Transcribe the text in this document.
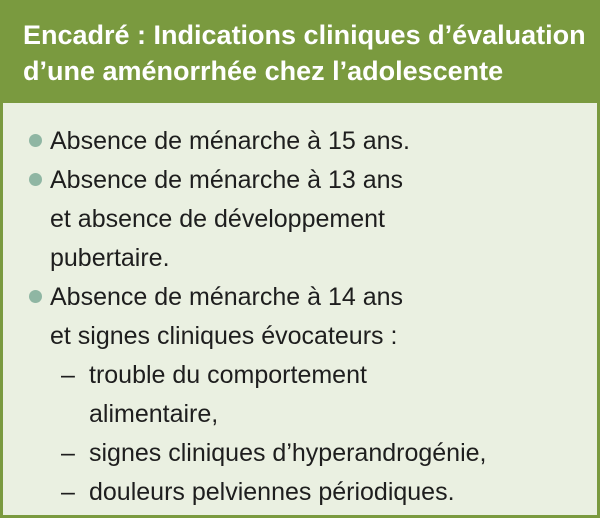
Encadré : Indications cliniques d’évaluation
d’une aménorrhée chez l’adolescente
Absence de ménarche à 15 ans.
Absence de ménarche à 13 ans
et absence de développement
pubertaire.
Absence de ménarche à 14 ans
et signes cliniques évocateurs :
– trouble du comportement
alimentaire,
– signes cliniques d’hyperandrogénie,
– douleurs pelviennes périodiques.
